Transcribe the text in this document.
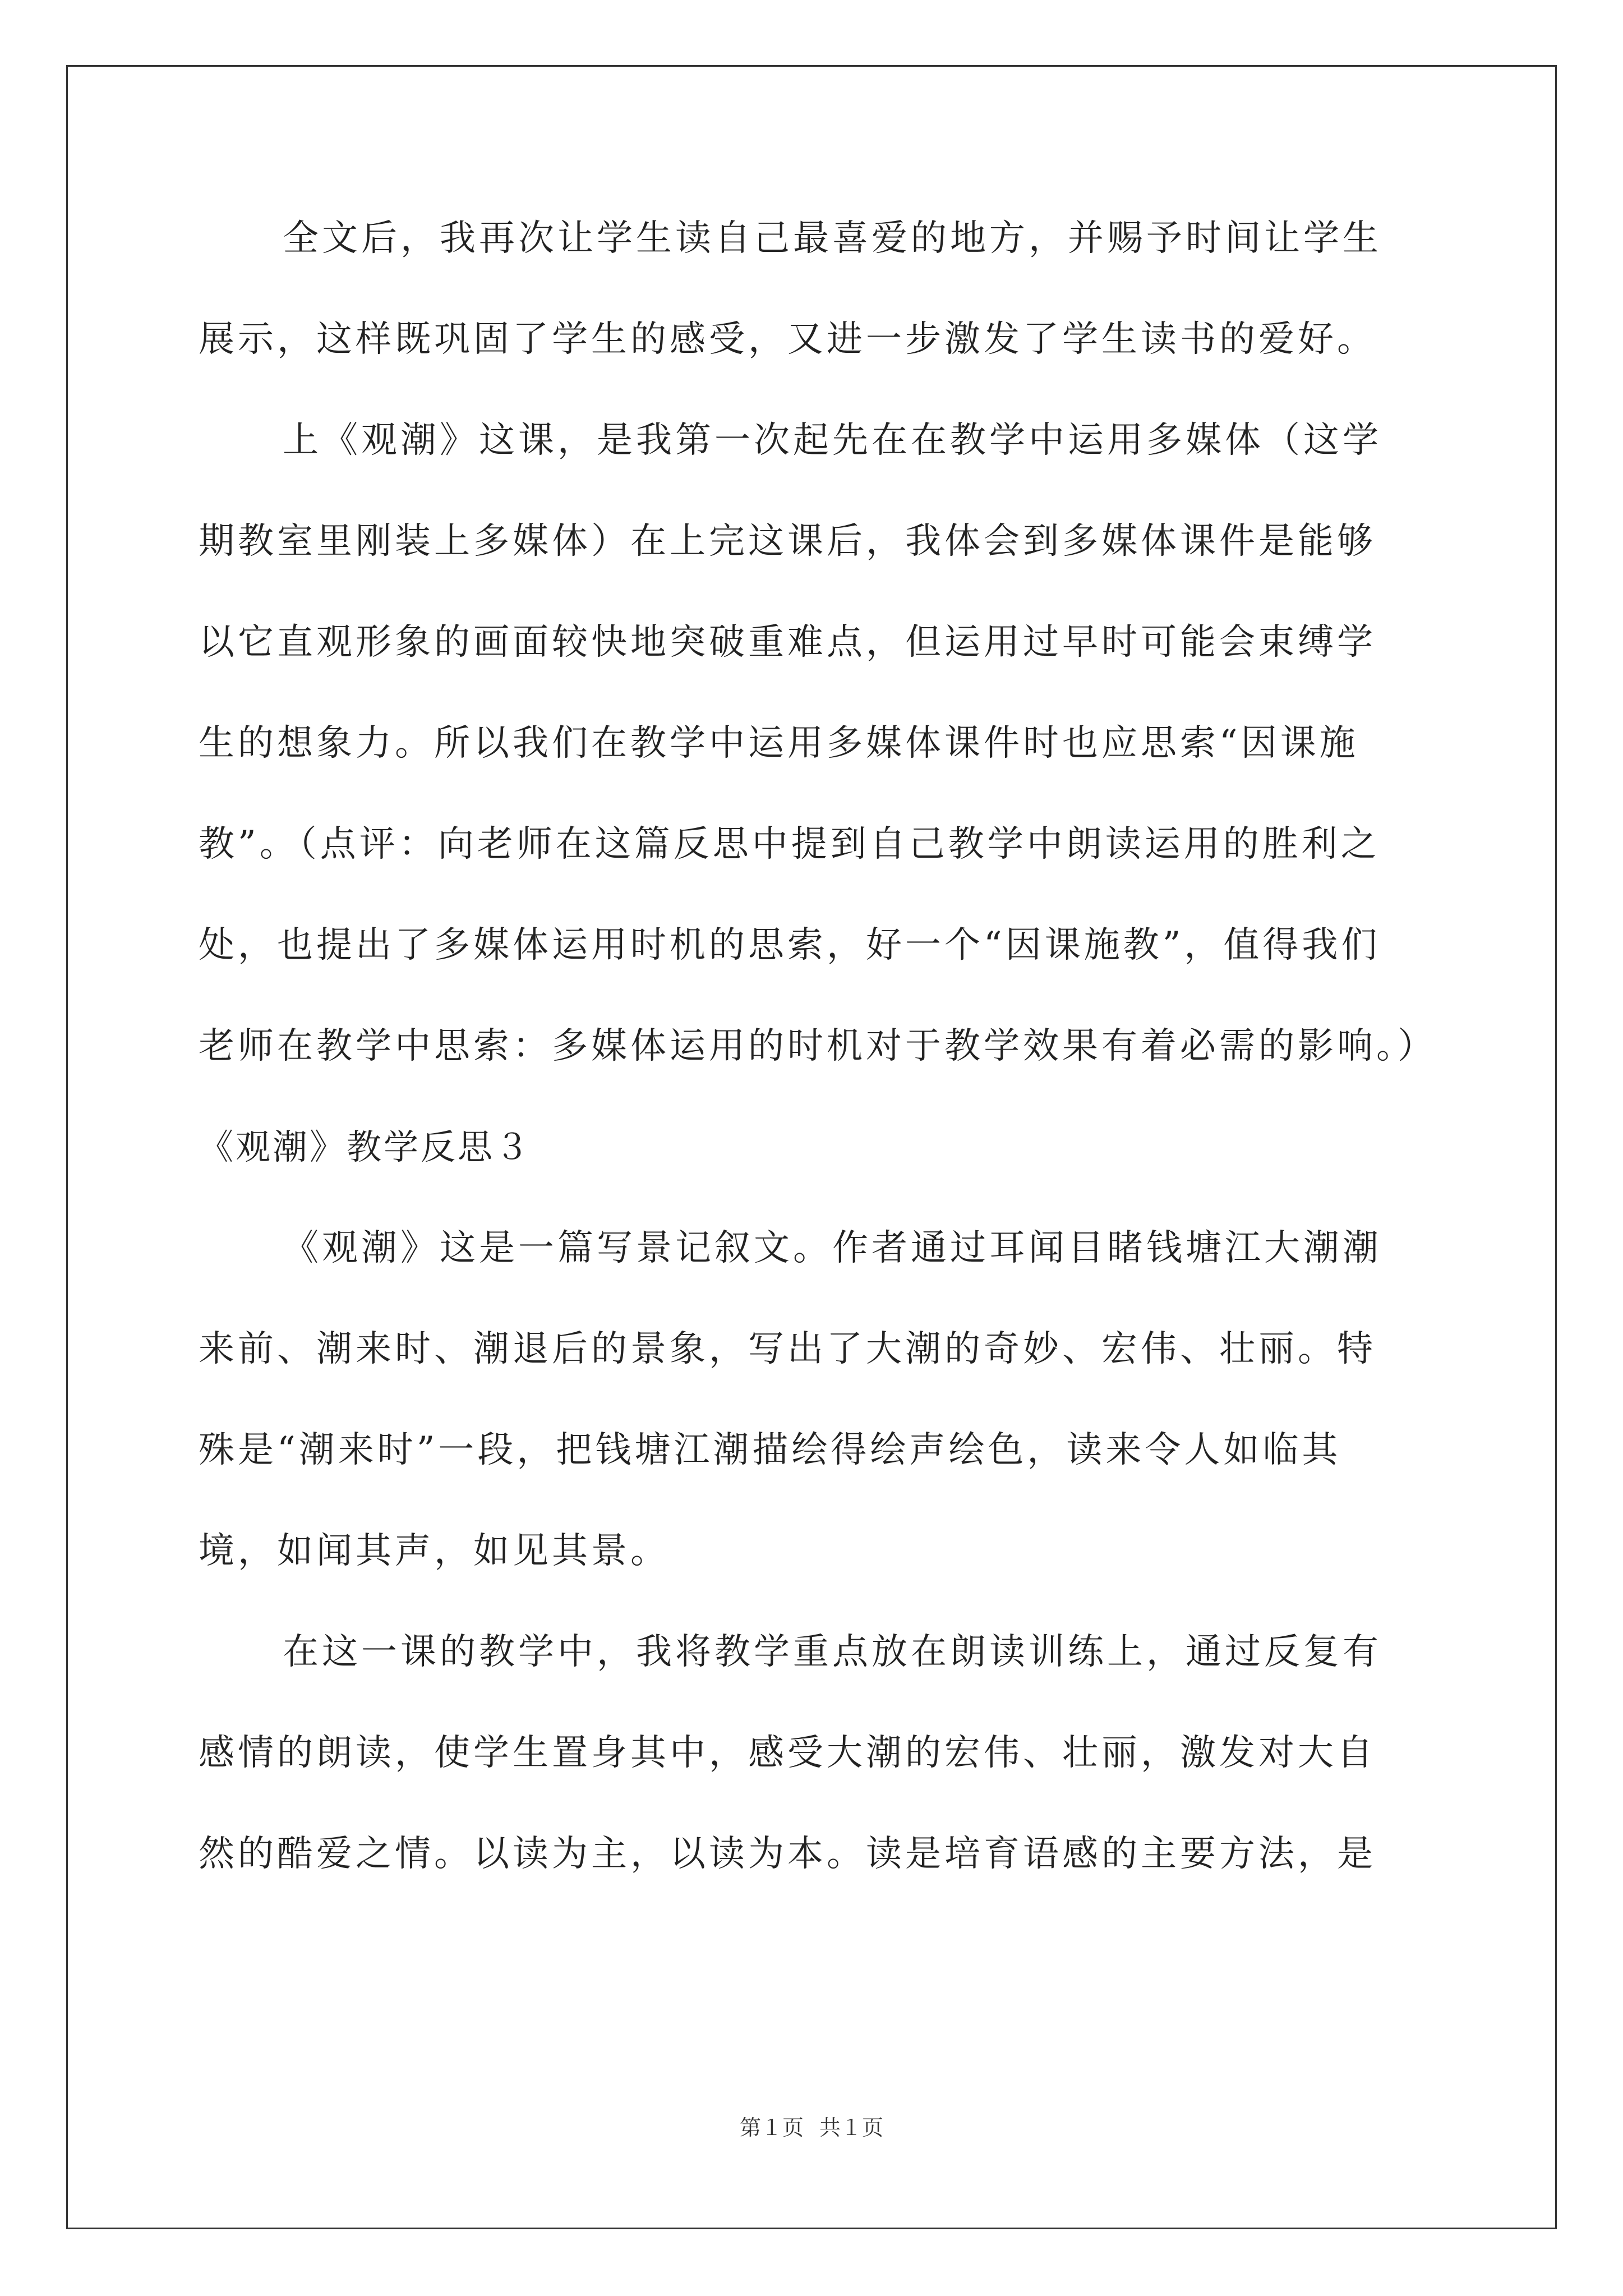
全文后，我再次让学生读自己最喜爱的地方，并赐予时间让学生
展示，这样既巩固了学生的感受，又进一步激发了学生读书的爱好。
上《观潮》这课，是我第一次起先在在教学中运用多媒体（这学
期教室里刚装上多媒体）在上完这课后，我体会到多媒体课件是能够
以它直观形象的画面较快地突破重难点，但运用过早时可能会束缚学
生的想象力。所以我们在教学中运用多媒体课件时也应思索“因课施
教”。（点评：向老师在这篇反思中提到自己教学中朗读运用的胜利之
处，也提出了多媒体运用时机的思索，好一个“因课施教”，值得我们
老师在教学中思索：多媒体运用的时机对于教学效果有着必需的影响。）
《观潮》教学反思３
《观潮》这是一篇写景记叙文。作者通过耳闻目睹钱塘江大潮潮
来前、潮来时、潮退后的景象，写出了大潮的奇妙、宏伟、壮丽。特
殊是“潮来时”一段，把钱塘江潮描绘得绘声绘色，读来令人如临其
境，如闻其声，如见其景。
在这一课的教学中，我将教学重点放在朗读训练上，通过反复有
感情的朗读，使学生置身其中，感受大潮的宏伟、壮丽，激发对大自
然的酷爱之情。以读为主，以读为本。读是培育语感的主要方法，是
第１页 共１页
